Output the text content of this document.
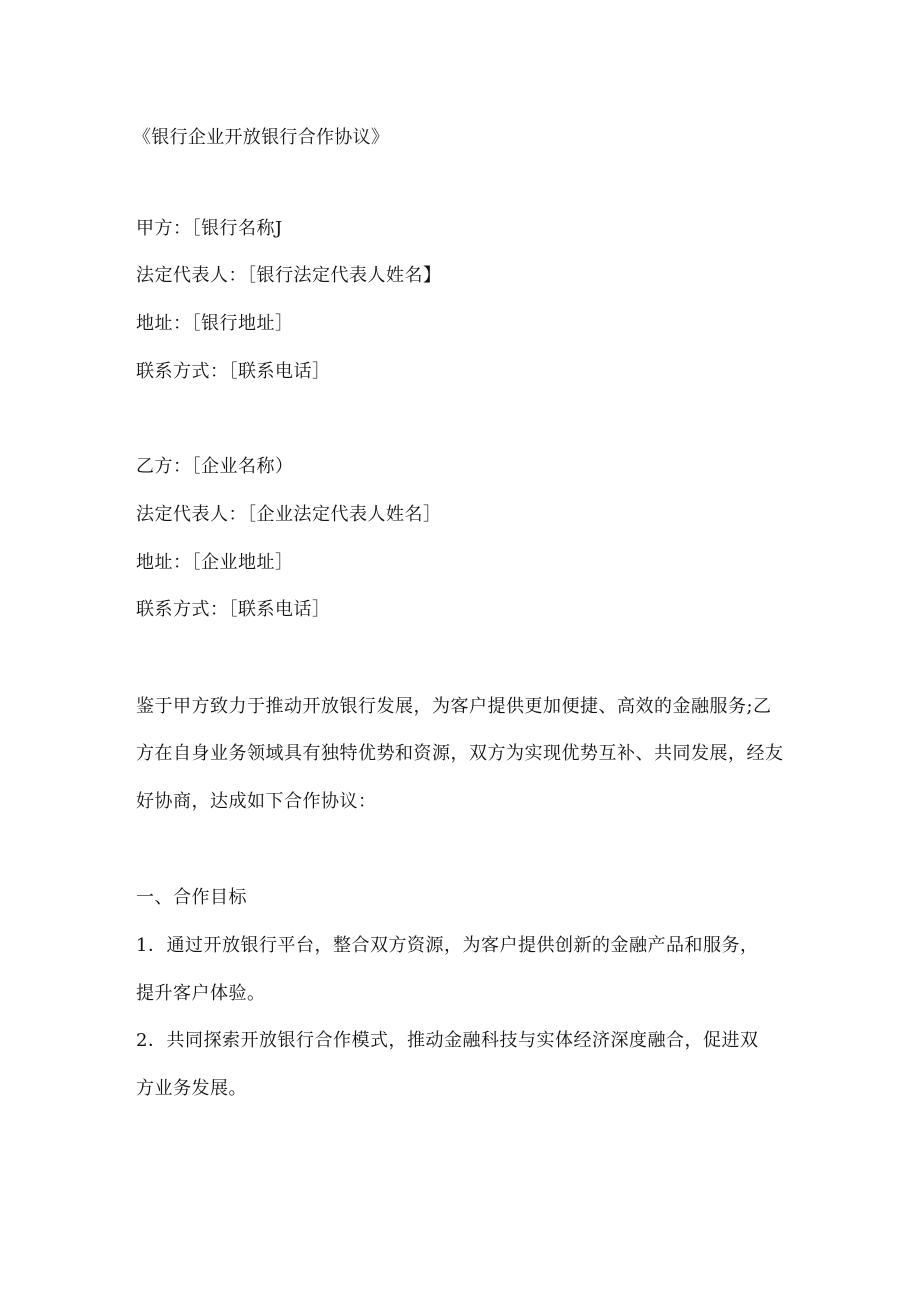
《银行企业开放银行合作协议》
甲方：［银行名称J
法定代表人：［银行法定代表人姓名】
地址：［银行地址］
联系方式：［联系电话］
乙方：［企业名称）
法定代表人：［企业法定代表人姓名］
地址：［企业地址］
联系方式：［联系电话］
鉴于甲方致力于推动开放银行发展，为客户提供更加便捷、高效的金融服务;乙
方在自身业务领域具有独特优势和资源，双方为实现优势互补、共同发展，经友
好协商，达成如下合作协议：
一、合作目标
1．通过开放银行平台，整合双方资源，为客户提供创新的金融产品和服务，
提升客户体验。
2．共同探索开放银行合作模式，推动金融科技与实体经济深度融合，促进双
方业务发展。
